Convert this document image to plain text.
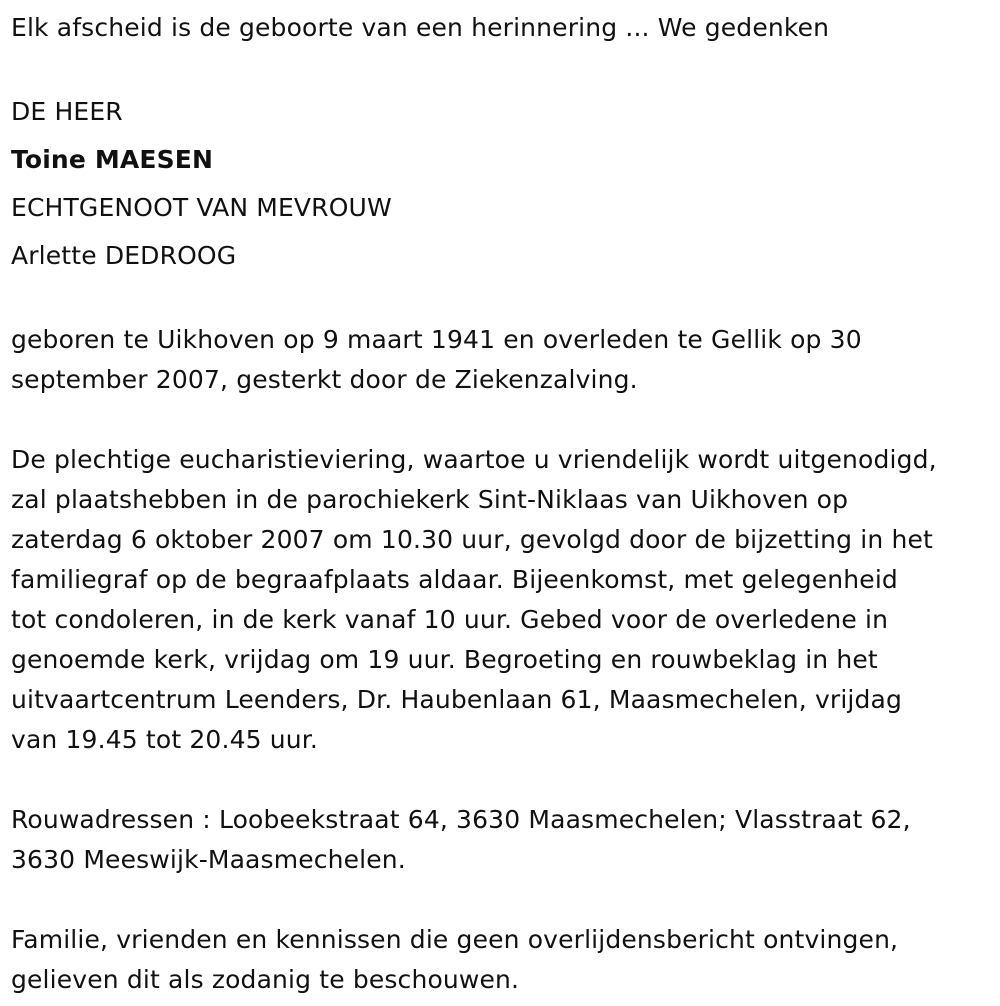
Elk afscheid is de geboorte van een herinnering ... We gedenken
DE HEER
Toine MAESEN
ECHTGENOOT VAN MEVROUW
Arlette DEDROOG
geboren te Uikhoven op 9 maart 1941 en overleden te Gellik op 30
september 2007, gesterkt door de Ziekenzalving.
De plechtige eucharistieviering, waartoe u vriendelijk wordt uitgenodigd,
zal plaatshebben in de parochiekerk Sint-Niklaas van Uikhoven op
zaterdag 6 oktober 2007 om 10.30 uur, gevolgd door de bijzetting in het
familiegraf op de begraafplaats aldaar. Bijeenkomst, met gelegenheid
tot condoleren, in de kerk vanaf 10 uur. Gebed voor de overledene in
genoemde kerk, vrijdag om 19 uur. Begroeting en rouwbeklag in het
uitvaartcentrum Leenders, Dr. Haubenlaan 61, Maasmechelen, vrijdag
van 19.45 tot 20.45 uur.
Rouwadressen : Loobeekstraat 64, 3630 Maasmechelen; Vlasstraat 62,
3630 Meeswijk-Maasmechelen.
Familie, vrienden en kennissen die geen overlijdensbericht ontvingen,
gelieven dit als zodanig te beschouwen.
